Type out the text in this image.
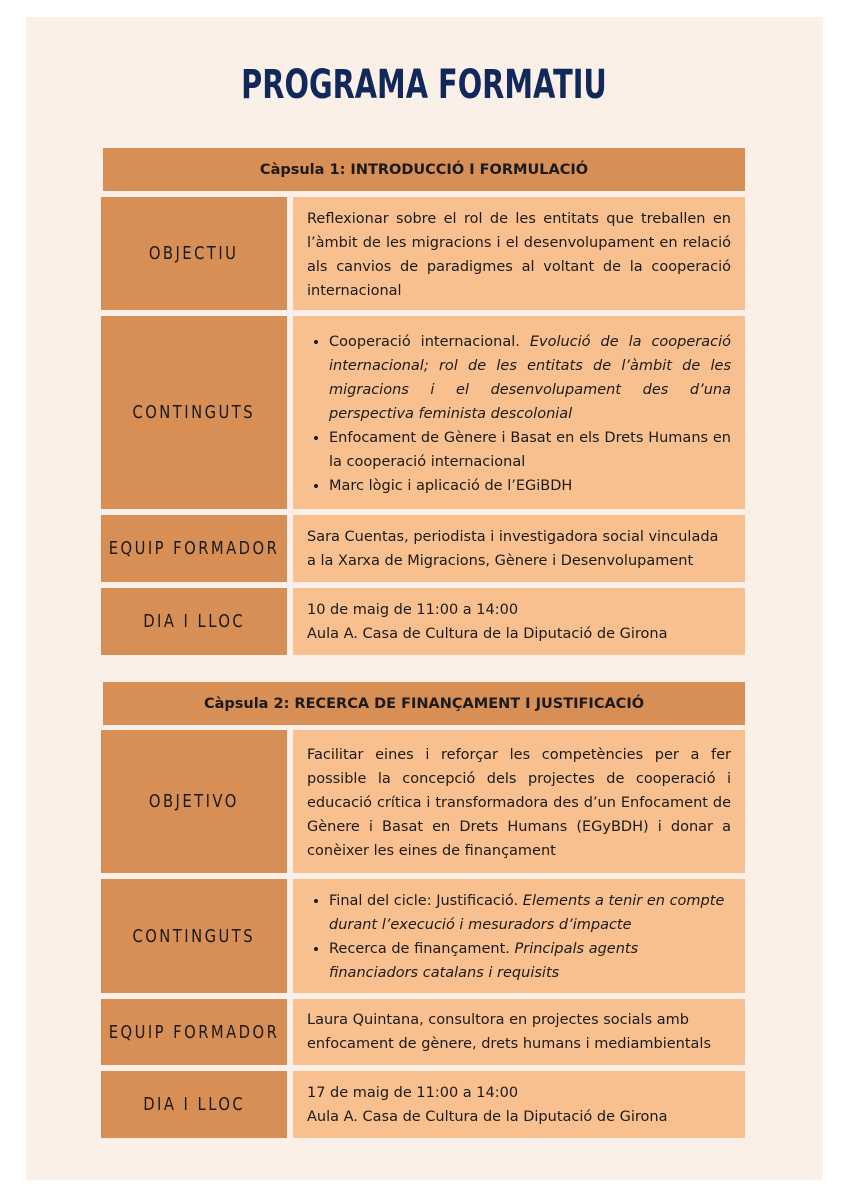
PROGRAMA FORMATIU
Càpsula 1: INTRODUCCIÓ I FORMULACIÓ
OBJECTIU
Reflexionar sobre el rol de les entitats que treballen en l’àmbit de les migracions i el desenvolupament en relació als canvios de paradigmes al voltant de la cooperació internacional
CONTINGUTS
• Cooperació internacional. Evolució de la cooperació internacional; rol de les entitats de l’àmbit de les migracions i el desenvolupament des d’una perspectiva feminista descolonial
• Enfocament de Gènere i Basat en els Drets Humans en la cooperació internacional
• Marc lògic i aplicació de l’EGiBDH
EQUIP FORMADOR
Sara Cuentas, periodista i investigadora social vinculada a la Xarxa de Migracions, Gènere i Desenvolupament
DIA I LLOC
10 de maig de 11:00 a 14:00
Aula A. Casa de Cultura de la Diputació de Girona
Càpsula 2: RECERCA DE FINANÇAMENT I JUSTIFICACIÓ
OBJETIVO
Facilitar eines i reforçar les competències per a fer possible la concepció dels projectes de cooperació i educació crítica i transformadora des d’un Enfocament de Gènere i Basat en Drets Humans (EGyBDH) i donar a conèixer les eines de finançament
CONTINGUTS
• Final del cicle: Justificació. Elements a tenir en compte durant l’execució i mesuradors d’impacte
• Recerca de finançament. Principals agents financiadors catalans i requisits
EQUIP FORMADOR
Laura Quintana, consultora en projectes socials amb enfocament de gènere, drets humans i mediambientals
DIA I LLOC
17 de maig de 11:00 a 14:00
Aula A. Casa de Cultura de la Diputació de Girona
